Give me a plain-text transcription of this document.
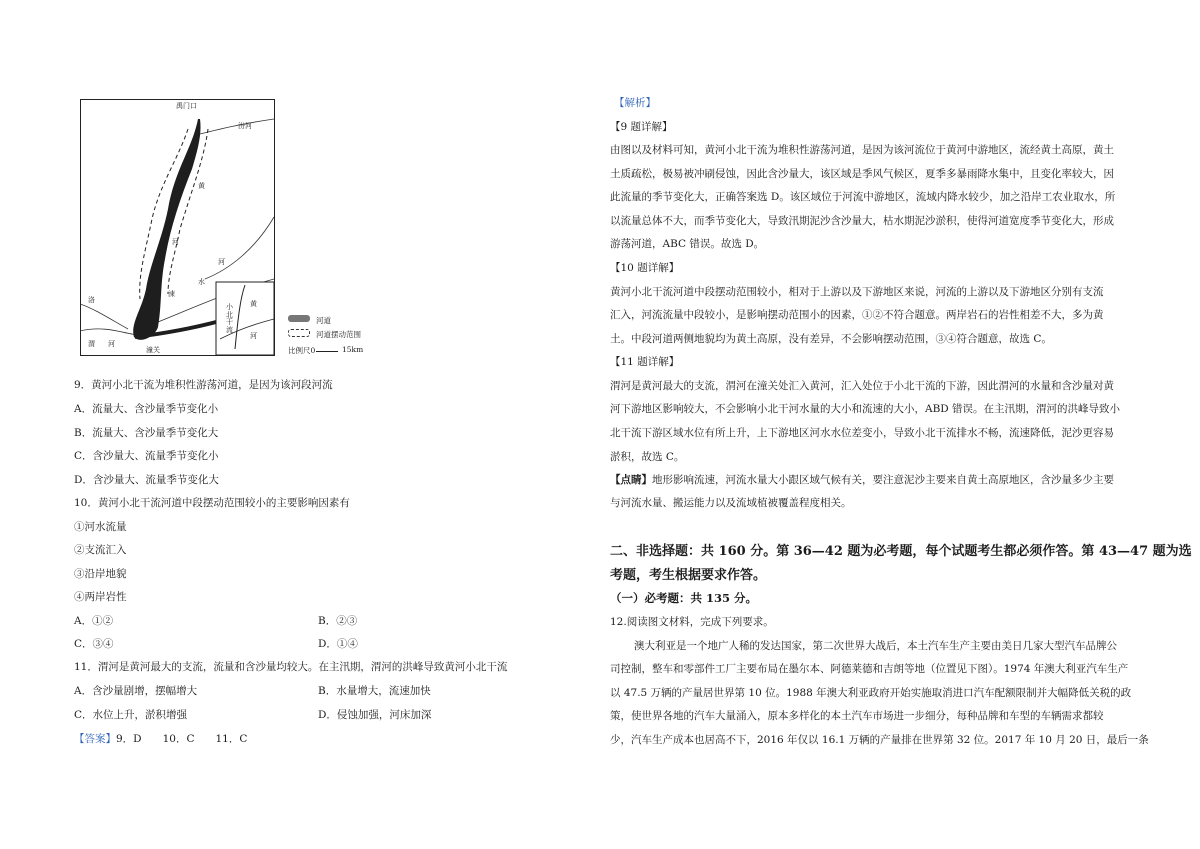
禹门口
汾河
黄
河
河
洛
涑
水
渭 河
潼关
黄
河
小北干流
河道
河道摆动范围
比例尺0	15km
9．黄河小北干流为堆积性游荡河道，是因为该河段河流
A．流量大、含沙量季节变化小
B．流量大、含沙量季节变化大
C．含沙量大、流量季节变化小
D．含沙量大、流量季节变化大
10．黄河小北干流河道中段摆动范围较小的主要影响因素有
①河水流量
②支流汇入
③沿岸地貌
④两岸岩性
A．①②	B．②③
C．③④	D．①④
11．渭河是黄河最大的支流，流量和含沙量均较大。在主汛期，渭河的洪峰导致黄河小北干流
A．含沙量剧增，摆幅增大	B．水量增大，流速加快
C．水位上升，淤积增强	D．侵蚀加强，河床加深
【答案】9．D　　10．C　　11．C
【解析】
【9 题详解】
由图以及材料可知，黄河小北干流为堆积性游荡河道，是因为该河流位于黄河中游地区，流经黄土高原，黄土
土质疏松，极易被冲刷侵蚀，因此含沙量大，该区域是季风气候区，夏季多暴雨降水集中，且变化率较大，因
此流量的季节变化大，正确答案选 D。该区域位于河流中游地区，流域内降水较少，加之沿岸工农业取水，所
以流量总体不大，而季节变化大，导致汛期泥沙含沙量大，枯水期泥沙淤积，使得河道宽度季节变化大，形成
游荡河道，ABC 错误。故选 D。
【10 题详解】
黄河小北干流河道中段摆动范围较小，相对于上游以及下游地区来说，河流的上游以及下游地区分别有支流
汇入，河流流量中段较小，是影响摆动范围小的因素，①②不符合题意。两岸岩石的岩性相差不大，多为黄
土。中段河道两侧地貌均为黄土高原，没有差异，不会影响摆动范围，③④符合题意，故选 C。
【11 题详解】
渭河是黄河最大的支流，渭河在潼关处汇入黄河，汇入处位于小北干流的下游，因此渭河的水量和含沙量对黄
河下游地区影响较大，不会影响小北干河水量的大小和流速的大小，ABD 错误。在主汛期，渭河的洪峰导致小
北干流下游区域水位有所上升，上下游地区河水水位差变小，导致小北干流排水不畅，流速降低，泥沙更容易
淤积，故选 C。
【点睛】地形影响流速，河流水量大小跟区域气候有关，要注意泥沙主要来自黄土高原地区，含沙量多少主要
与河流水量、搬运能力以及流域植被覆盖程度相关。
二、非选择题：共 160 分。第 36—42 题为必考题，每个试题考生都必须作答。第 43—47 题为选
考题，考生根据要求作答。
（一）必考题：共 135 分。
12.阅读图文材料，完成下列要求。
澳大利亚是一个地广人稀的发达国家，第二次世界大战后，本土汽车生产主要由美日几家大型汽车品牌公
司控制，整车和零部件工厂主要布局在墨尔本、阿德莱德和吉朗等地（位置见下图）。1974 年澳大利亚汽车生产
以 47.5 万辆的产量居世界第 10 位。1988 年澳大利亚政府开始实施取消进口汽车配额限制并大幅降低关税的政
策，使世界各地的汽车大量涌入，原本多样化的本土汽车市场进一步细分，每种品牌和车型的车辆需求都较
少，汽车生产成本也居高不下，2016 年仅以 16.1 万辆的产量排在世界第 32 位。2017 年 10 月 20 日，最后一条
